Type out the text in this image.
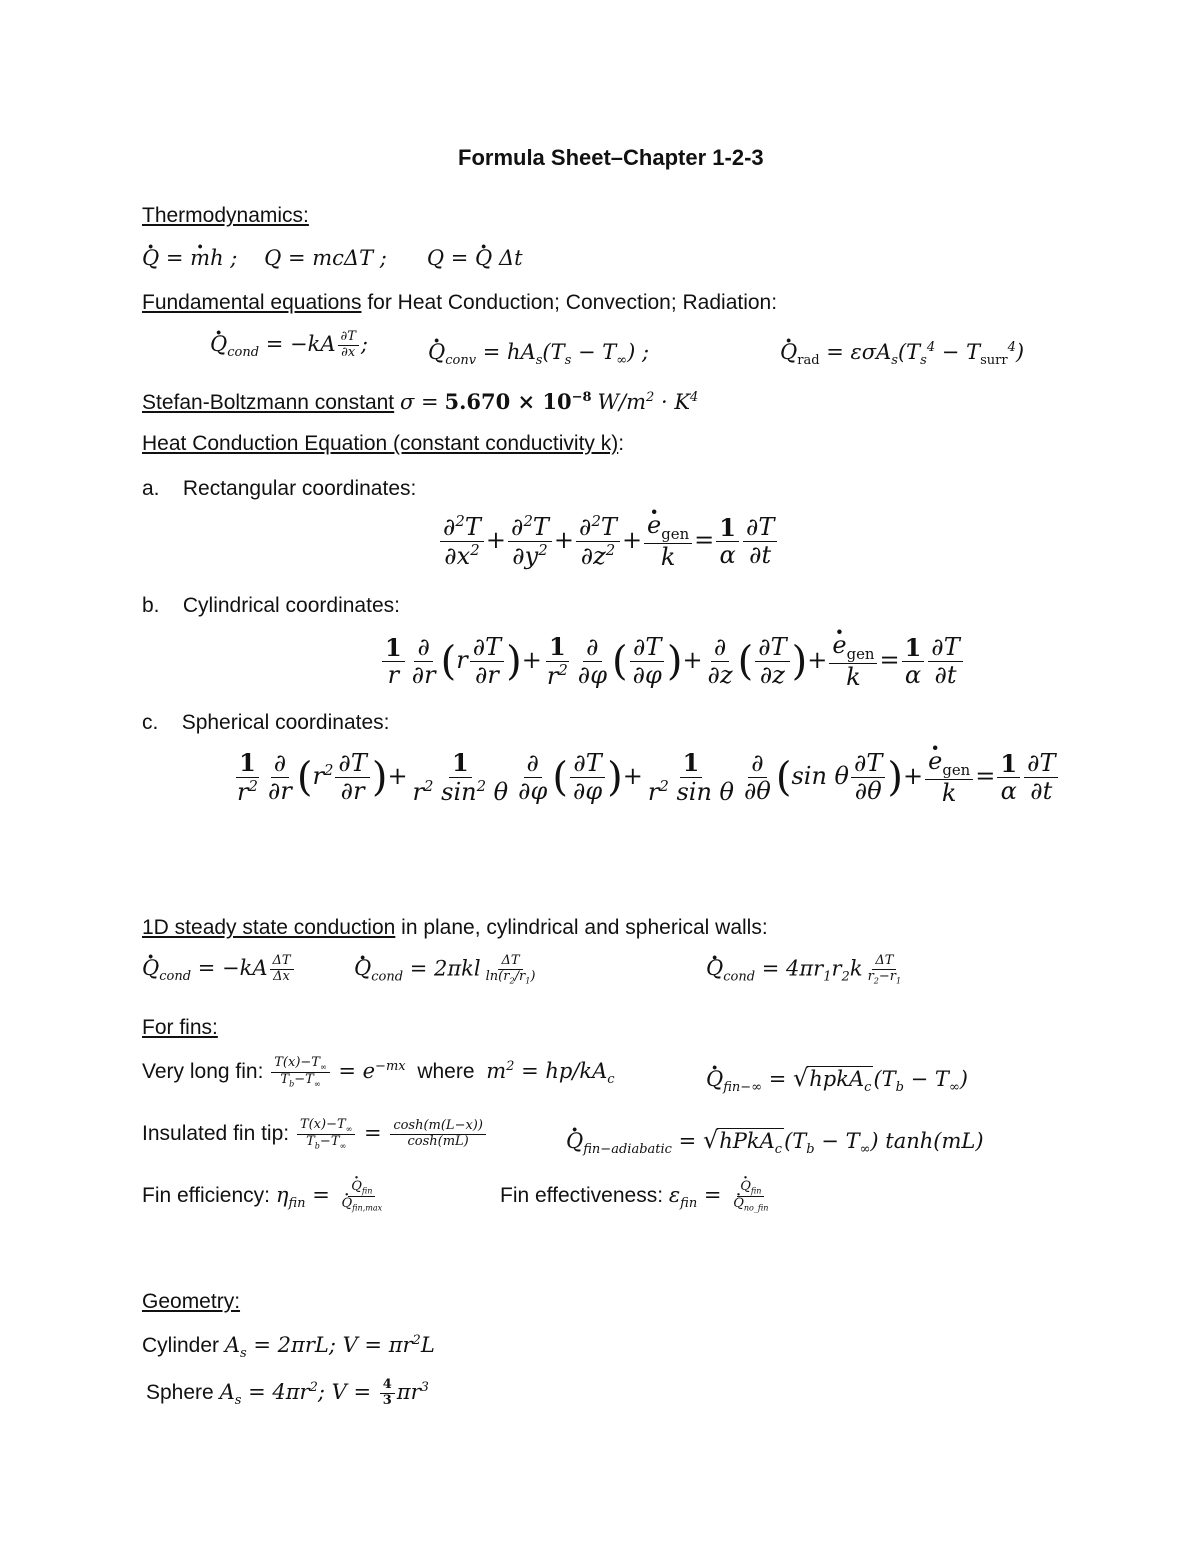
Formula Sheet–Chapter 1-2-3
Thermodynamics:
Q · = m ·h ;    Q = mcΔT ;      Q = Q · Δt
Fundamental equations for Heat Conduction; Convection; Radiation:
$Q \cdot_{cond} = -kA \frac{\partial T}{\partial x}$ ;	$Q \cdot_{conv} = hA_s(T_s - T_\infty)$ ;	$Q \cdot_{rad} = \varepsilon\sigma A_s(T_s^4 - T_{surr}^4)$
Stefan-Boltzmann constant $\sigma = 5.670 \times 10^{-8}$ $W/m^2 \cdot K^4$
Heat Conduction Equation (constant conductivity k):
a. Rectangular coordinates:
$\frac{\partial^2T}{\partial x^2} + \frac{\partial^2T}{\partial y^2} + \frac{\partial^2T}{\partial z^2} + \frac{e \cdot_{gen}}{k} = \frac{1}{\alpha} \frac{\partial T}{\partial t}$
b. Cylindrical coordinates:
$\frac{1}{r} \frac{\partial}{\partial r} (r \frac{\partial T}{\partial r}$ )+ $\frac{1}{r^2} \frac{\partial}{\partial\varphi}$ ( $\frac{\partial T}{\partial\varphi}$ )+ $\frac{\partial}{\partial z}$ ( $\frac{\partial T}{\partial z}$ )+ $\frac{e \cdot_{gen}}{k} = \frac{1}{\alpha} \frac{\partial T}{\partial t}$
c. Spherical coordinates:
$\frac{1}{r^2} \frac{\partial}{\partial r} (r^2 \frac{\partial T}{\partial r}$ )+ $\frac{1}{r^2 \sin^2 \theta} \frac{\partial}{\partial\varphi}$ ( $\frac{\partial T}{\partial\varphi}$ )+ $\frac{1}{r^2 \sin \theta} \frac{\partial}{\partial\theta} (\sin$ θ $\frac{\partial T}{\partial\theta}$ )+ $\frac{e \cdot_{gen}}{k} = \frac{1}{\alpha} \frac{\partial T}{\partial t}$
1D steady state conduction in plane, cylindrical and spherical walls:
$Q \cdot_{cond} = -kA \frac{\Delta T}{\Delta x}$	$Q \cdot_{cond} = 2\pi kl \frac{\Delta T}{\ln(r_2/r_1)}$	$Q \cdot_{cond} = 4\pi r_1r_2k \frac{\Delta T}{r_2-r_1}$
For fins:
Very long fin: $\frac{T(x)-T_\infty}{T_b-T_\infty} = e^{-mx}$ where $m^2 = hp/kA_c$	$Q \cdot_{fin-\infty}$ = $√hpkA_c(T_b - T_\infty)$
Insulated fin tip: $\frac{T(x)-T_\infty}{T_b-T_\infty} = \frac{\cosh(m(L-x))}{\cosh(mL)}$	$Q \cdot_{fin-adiabatic}$ = $√hPkA_c(T_b - T_\infty)$ tanh(mL)
Fin efficiency: $\eta_{fin} = \frac{Q \cdot_{fin}}{Q \cdot_{fin,max}}$	Fin effectiveness: $\varepsilon_{fin} = \frac{Q \cdot_{fin}}{Q \cdot_{no\_fin}}$
Geometry:
Cylinder $A_s = 2\pi rL$; $V = \pi r^2L$
Sphere $A_s = 4\pi r^2$; $V = \frac{4}{3} \pi r^3$
